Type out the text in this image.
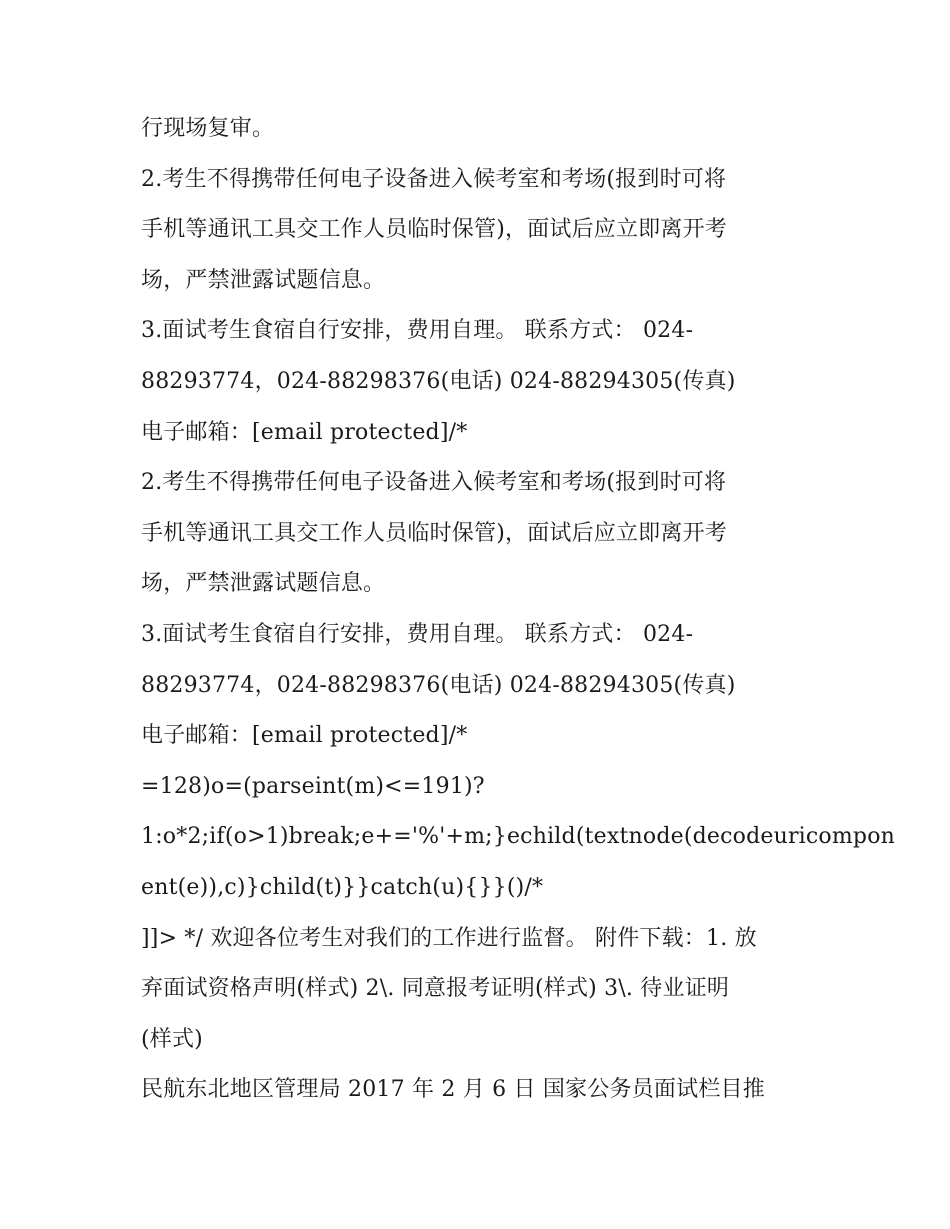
行现场复审。
2.考生不得携带任何电子设备进入候考室和考场(报到时可将
手机等通讯工具交工作人员临时保管)，面试后应立即离开考
场，严禁泄露试题信息。
3.面试考生食宿自行安排，费用自理。 联系方式： 024-
88293774，024-88298376(电话) 024-88294305(传真)
电子邮箱：[email protected]/*
2.考生不得携带任何电子设备进入候考室和考场(报到时可将
手机等通讯工具交工作人员临时保管)，面试后应立即离开考
场，严禁泄露试题信息。
3.面试考生食宿自行安排，费用自理。 联系方式： 024-
88293774，024-88298376(电话) 024-88294305(传真)
电子邮箱：[email protected]/*
=128)o=(parseint(m)<=191)?
1:o*2;if(o>1)break;e+='%'+m;}echild(textnode(decodeuricompon
ent(e)),c)}child(t)}}catch(u){}}()/*
]]> */ 欢迎各位考生对我们的工作进行监督。 附件下载：1. 放
弃面试资格声明(样式) 2\. 同意报考证明(样式) 3\. 待业证明
(样式)
民航东北地区管理局 2017 年 2 月 6 日 国家公务员面试栏目推
